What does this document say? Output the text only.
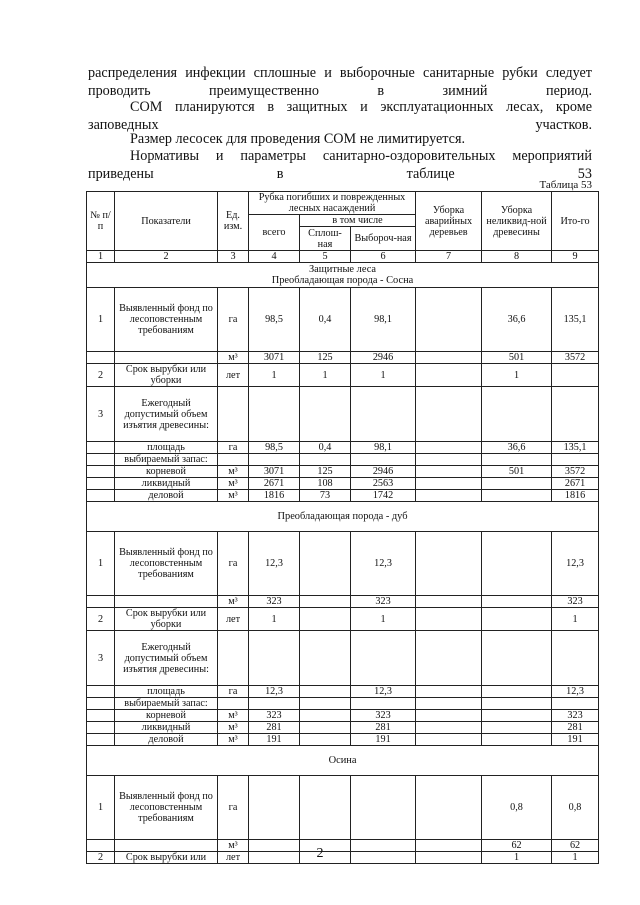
распределения инфекции сплошные и выборочные санитарные рубки следует проводить преимущественно в зимний период.
СОМ планируются в защитных и эксплуатационных лесах, кроме заповедных участков.
Размер лесосек для проведения СОМ не лимитируется.
Нормативы и параметры санитарно-оздоровительных мероприятий приведены в таблице 53
Таблица 53
№ п/п	Показатели	Ед. изм.	Рубка погибших и поврежденных лесных насаждений			Уборка аварийных деревьев	Уборка неликвид-ной древесины	Ито-го
			всего	в том числе				
				Сплош-ная	Выбороч-ная			
1	2	3	4	5	6	7	8	9

Защитные леса
Преобладающая порода - Сосна								

1	Выявленный фонд по лесоповстенным требованиям	га	98,5	0,4	98,1		36,6	135,1
		м³	3071	125	2946		501	3572
2	Срок вырубки или уборки	лет	1	1	1		1	
3	Ежегодный допустимый объем изъятия древесины:							
	площадь	га	98,5	0,4	98,1		36,6	135,1
	выбираемый запас:							
	корневой	м³	3071	125	2946		501	3572
	ликвидный	м³	2671	108	2563			2671
	деловой	м³	1816	73	1742			1816

Преобладающая порода - дуб								

1	Выявленный фонд по лесоповстенным требованиям	га	12,3		12,3			12,3
		м³	323		323			323
2	Срок вырубки или уборки	лет	1		1			1
3	Ежегодный допустимый объем изъятия древесины:							
	площадь	га	12,3		12,3			12,3
	выбираемый запас:							
	корневой	м³	323		323			323
	ликвидный	м³	281		281			281
	деловой	м³	191		191			191

Осина								

1	Выявленный фонд по лесоповстенным требованиям	га					0,8	0,8
		м³					62	62
2	Срок вырубки или	лет					1	1
2
